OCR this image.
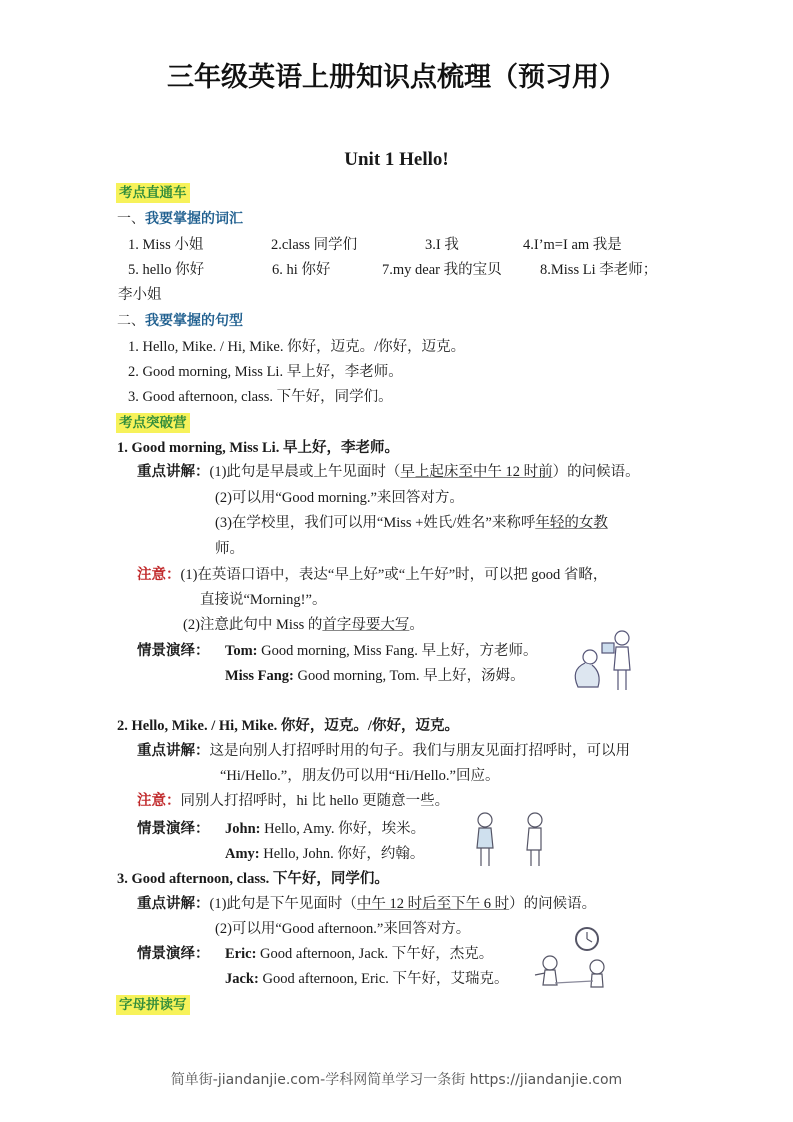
三年级英语上册知识点梳理（预习用）
Unit 1 Hello!
考点直通车
一、我要掌握的词汇
1. Miss 小姐	2.class 同学们	3.I 我	4.I’m=I am 我是
5. hello 你好	6. hi 你好	7.my dear 我的宝贝	8.Miss Li 李老师；
李小姐
二、我要掌握的句型
1. Hello, Mike. / Hi, Mike. 你好，迈克。/你好，迈克。
2. Good morning, Miss Li. 早上好，李老师。
3. Good afternoon, class. 下午好，同学们。
考点突破营
1. Good morning, Miss Li. 早上好，李老师。
重点讲解：(1)此句是早晨或上午见面时（早上起床至中午 12 时前）的问候语。
(2)可以用“Good morning.”来回答对方。
(3)在学校里，我们可以用“Miss +姓氏/姓名”来称呼年轻的女教
师。
注意：(1)在英语口语中，表达“早上好”或“上午好”时，可以把 good 省略，
直接说“Morning!”。
(2)注意此句中 Miss 的首字母要大写。
情景演绎： Tom: Good morning, Miss Fang. 早上好，方老师。
Miss Fang: Good morning, Tom. 早上好，汤姆。
2. Hello, Mike. / Hi, Mike. 你好，迈克。/你好，迈克。
重点讲解：这是向别人打招呼时用的句子。我们与朋友见面打招呼时，可以用
“Hi/Hello.”，朋友仍可以用“Hi/Hello.”回应。
注意：同别人打招呼时，hi 比 hello 更随意一些。
情景演绎： John: Hello, Amy. 你好，埃米。
Amy: Hello, John. 你好，约翰。
3. Good afternoon, class. 下午好，同学们。
重点讲解：(1)此句是下午见面时（中午 12 时后至下午 6 时）的问候语。
(2)可以用“Good afternoon.”来回答对方。
情景演绎： Eric: Good afternoon, Jack. 下午好，杰克。
Jack: Good afternoon, Eric. 下午好，艾瑞克。
字母拼读写
简单街-jiandanjie.com-学科网简单学习一条街 https://jiandanjie.com
